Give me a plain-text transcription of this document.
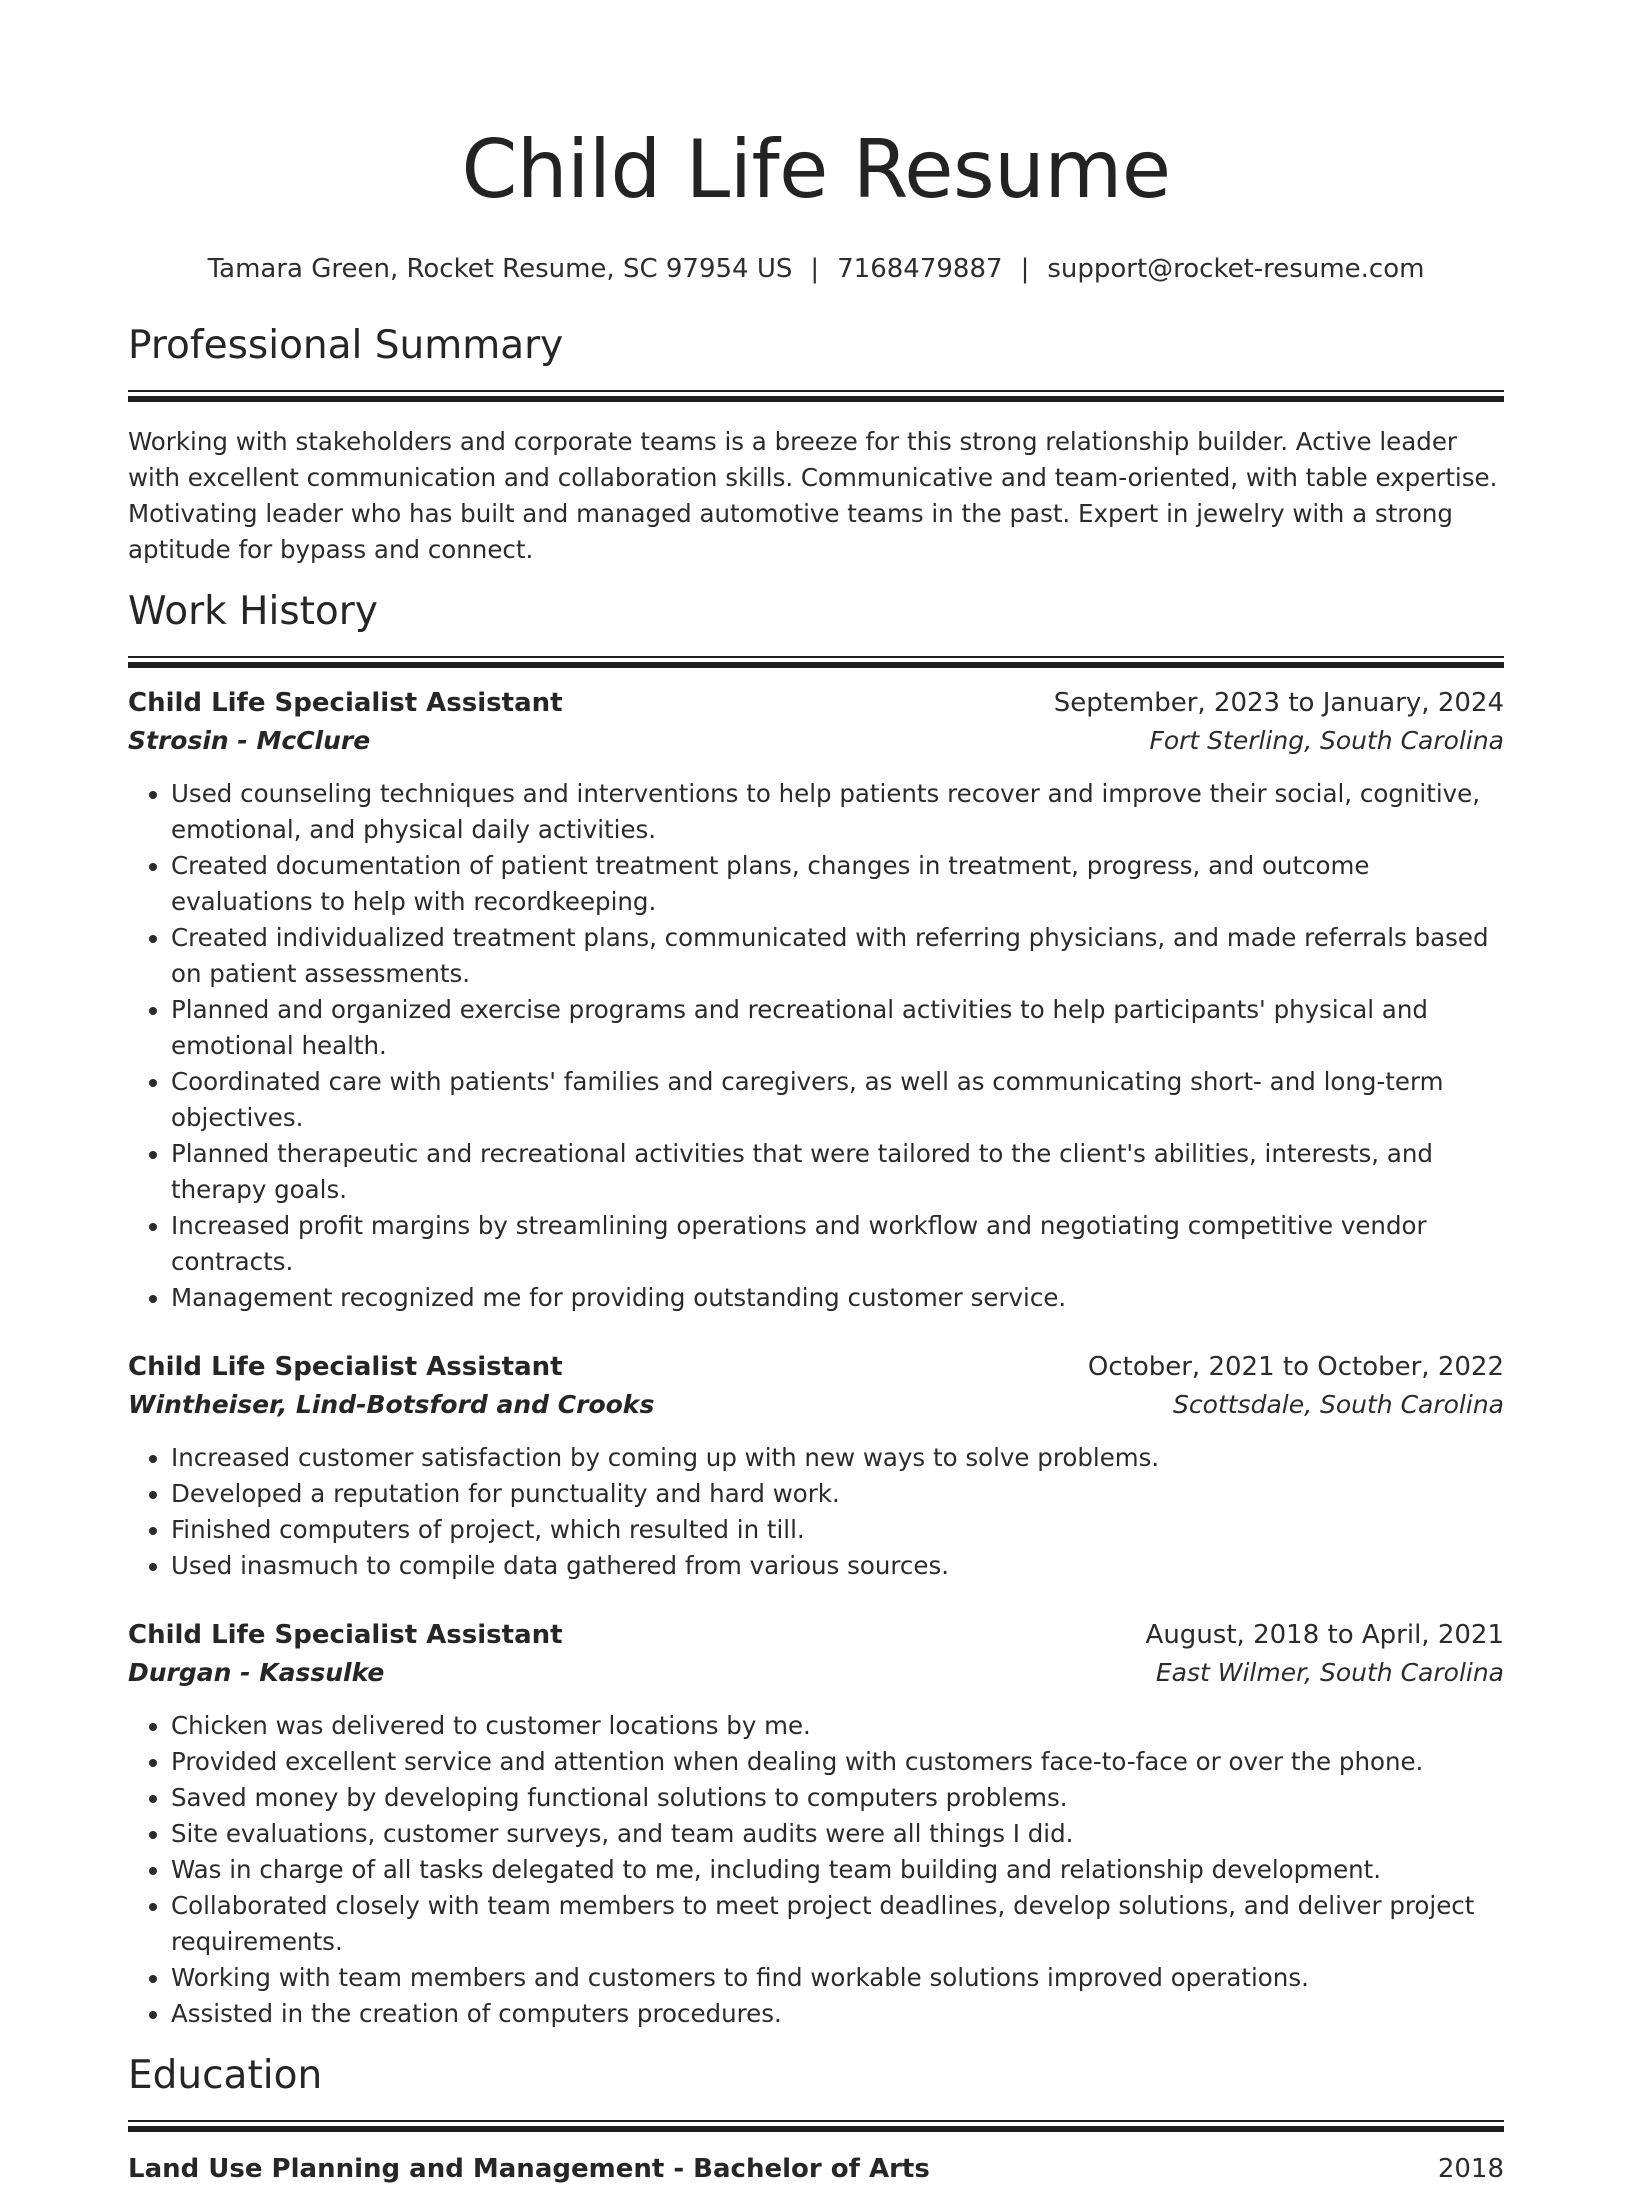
Child Life Resume
Tamara Green, Rocket Resume, SC 97954 US | 7168479887 | support@rocket-resume.com
Professional Summary

Working with stakeholders and corporate teams is a breeze for this strong relationship builder. Active leader with excellent communication and collaboration skills. Communicative and team-oriented, with table expertise. Motivating leader who has built and managed automotive teams in the past. Expert in jewelry with a strong aptitude for bypass and connect.

Work History
Child Life Specialist Assistant	September, 2023 to January, 2024
Strosin - McClure	Fort Sterling, South Carolina
• Used counseling techniques and interventions to help patients recover and improve their social, cognitive, emotional, and physical daily activities.
• Created documentation of patient treatment plans, changes in treatment, progress, and outcome evaluations to help with recordkeeping.
• Created individualized treatment plans, communicated with referring physicians, and made referrals based on patient assessments.
• Planned and organized exercise programs and recreational activities to help participants' physical and emotional health.
• Coordinated care with patients' families and caregivers, as well as communicating short- and long-term objectives.
• Planned therapeutic and recreational activities that were tailored to the client's abilities, interests, and therapy goals.
• Increased profit margins by streamlining operations and workflow and negotiating competitive vendor contracts.
• Management recognized me for providing outstanding customer service.
Child Life Specialist Assistant	October, 2021 to October, 2022
Wintheiser, Lind-Botsford and Crooks	Scottsdale, South Carolina
• Increased customer satisfaction by coming up with new ways to solve problems.
• Developed a reputation for punctuality and hard work.
• Finished computers of project, which resulted in till.
• Used inasmuch to compile data gathered from various sources.
Child Life Specialist Assistant	August, 2018 to April, 2021
Durgan - Kassulke	East Wilmer, South Carolina
• Chicken was delivered to customer locations by me.
• Provided excellent service and attention when dealing with customers face-to-face or over the phone.
• Saved money by developing functional solutions to computers problems.
• Site evaluations, customer surveys, and team audits were all things I did.
• Was in charge of all tasks delegated to me, including team building and relationship development.
• Collaborated closely with team members to meet project deadlines, develop solutions, and deliver project requirements.
• Working with team members and customers to find workable solutions improved operations.
• Assisted in the creation of computers procedures.
Education
Land Use Planning and Management - Bachelor of Arts	2018
